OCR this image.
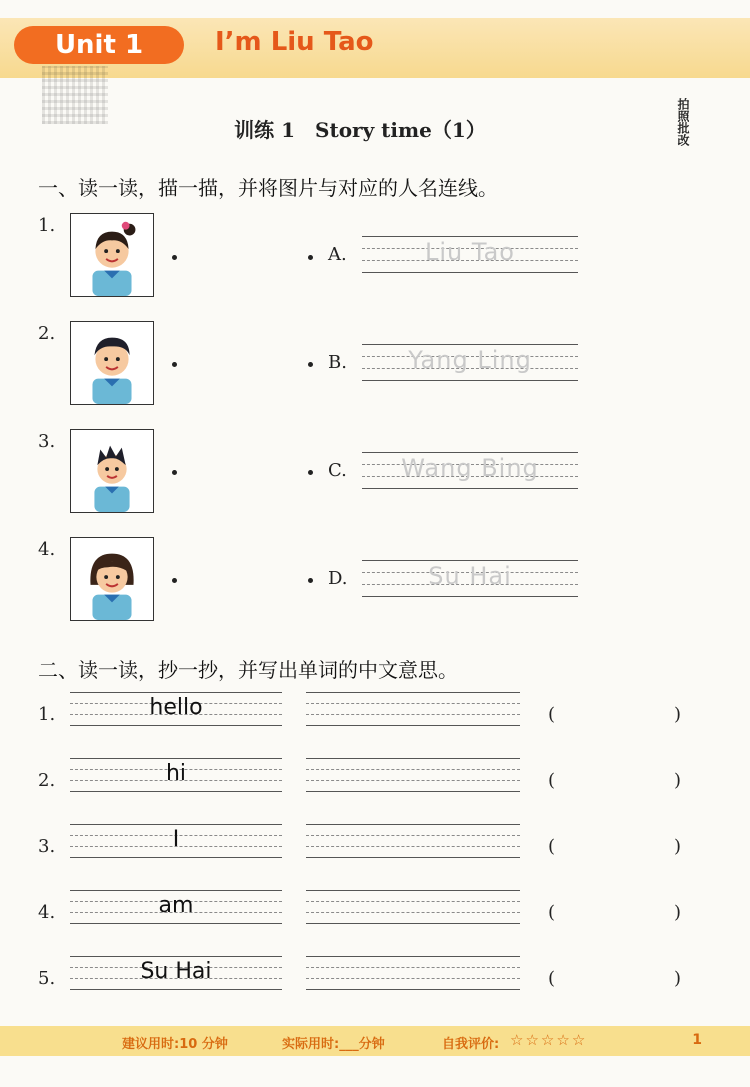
Unit 1	I’m Liu Tao
拍照批改
训练 1　Story time（1）
一、读一读，描一描，并将图片与对应的人名连线。
1.
A.	Liu Tao
2.
B.	Yang Ling
3.
C.	Wang Bing
4.
D.	Su Hai
二、读一读，抄一抄，并写出单词的中文意思。
1.	hello	(	)
2.	hi	(	)
3.	I	(	)
4.	am	(	)
5.	Su Hai	(	)
建议用时:10 分钟	实际用时:___分钟	自我评价: ☆ ☆ ☆ ☆ ☆	1
